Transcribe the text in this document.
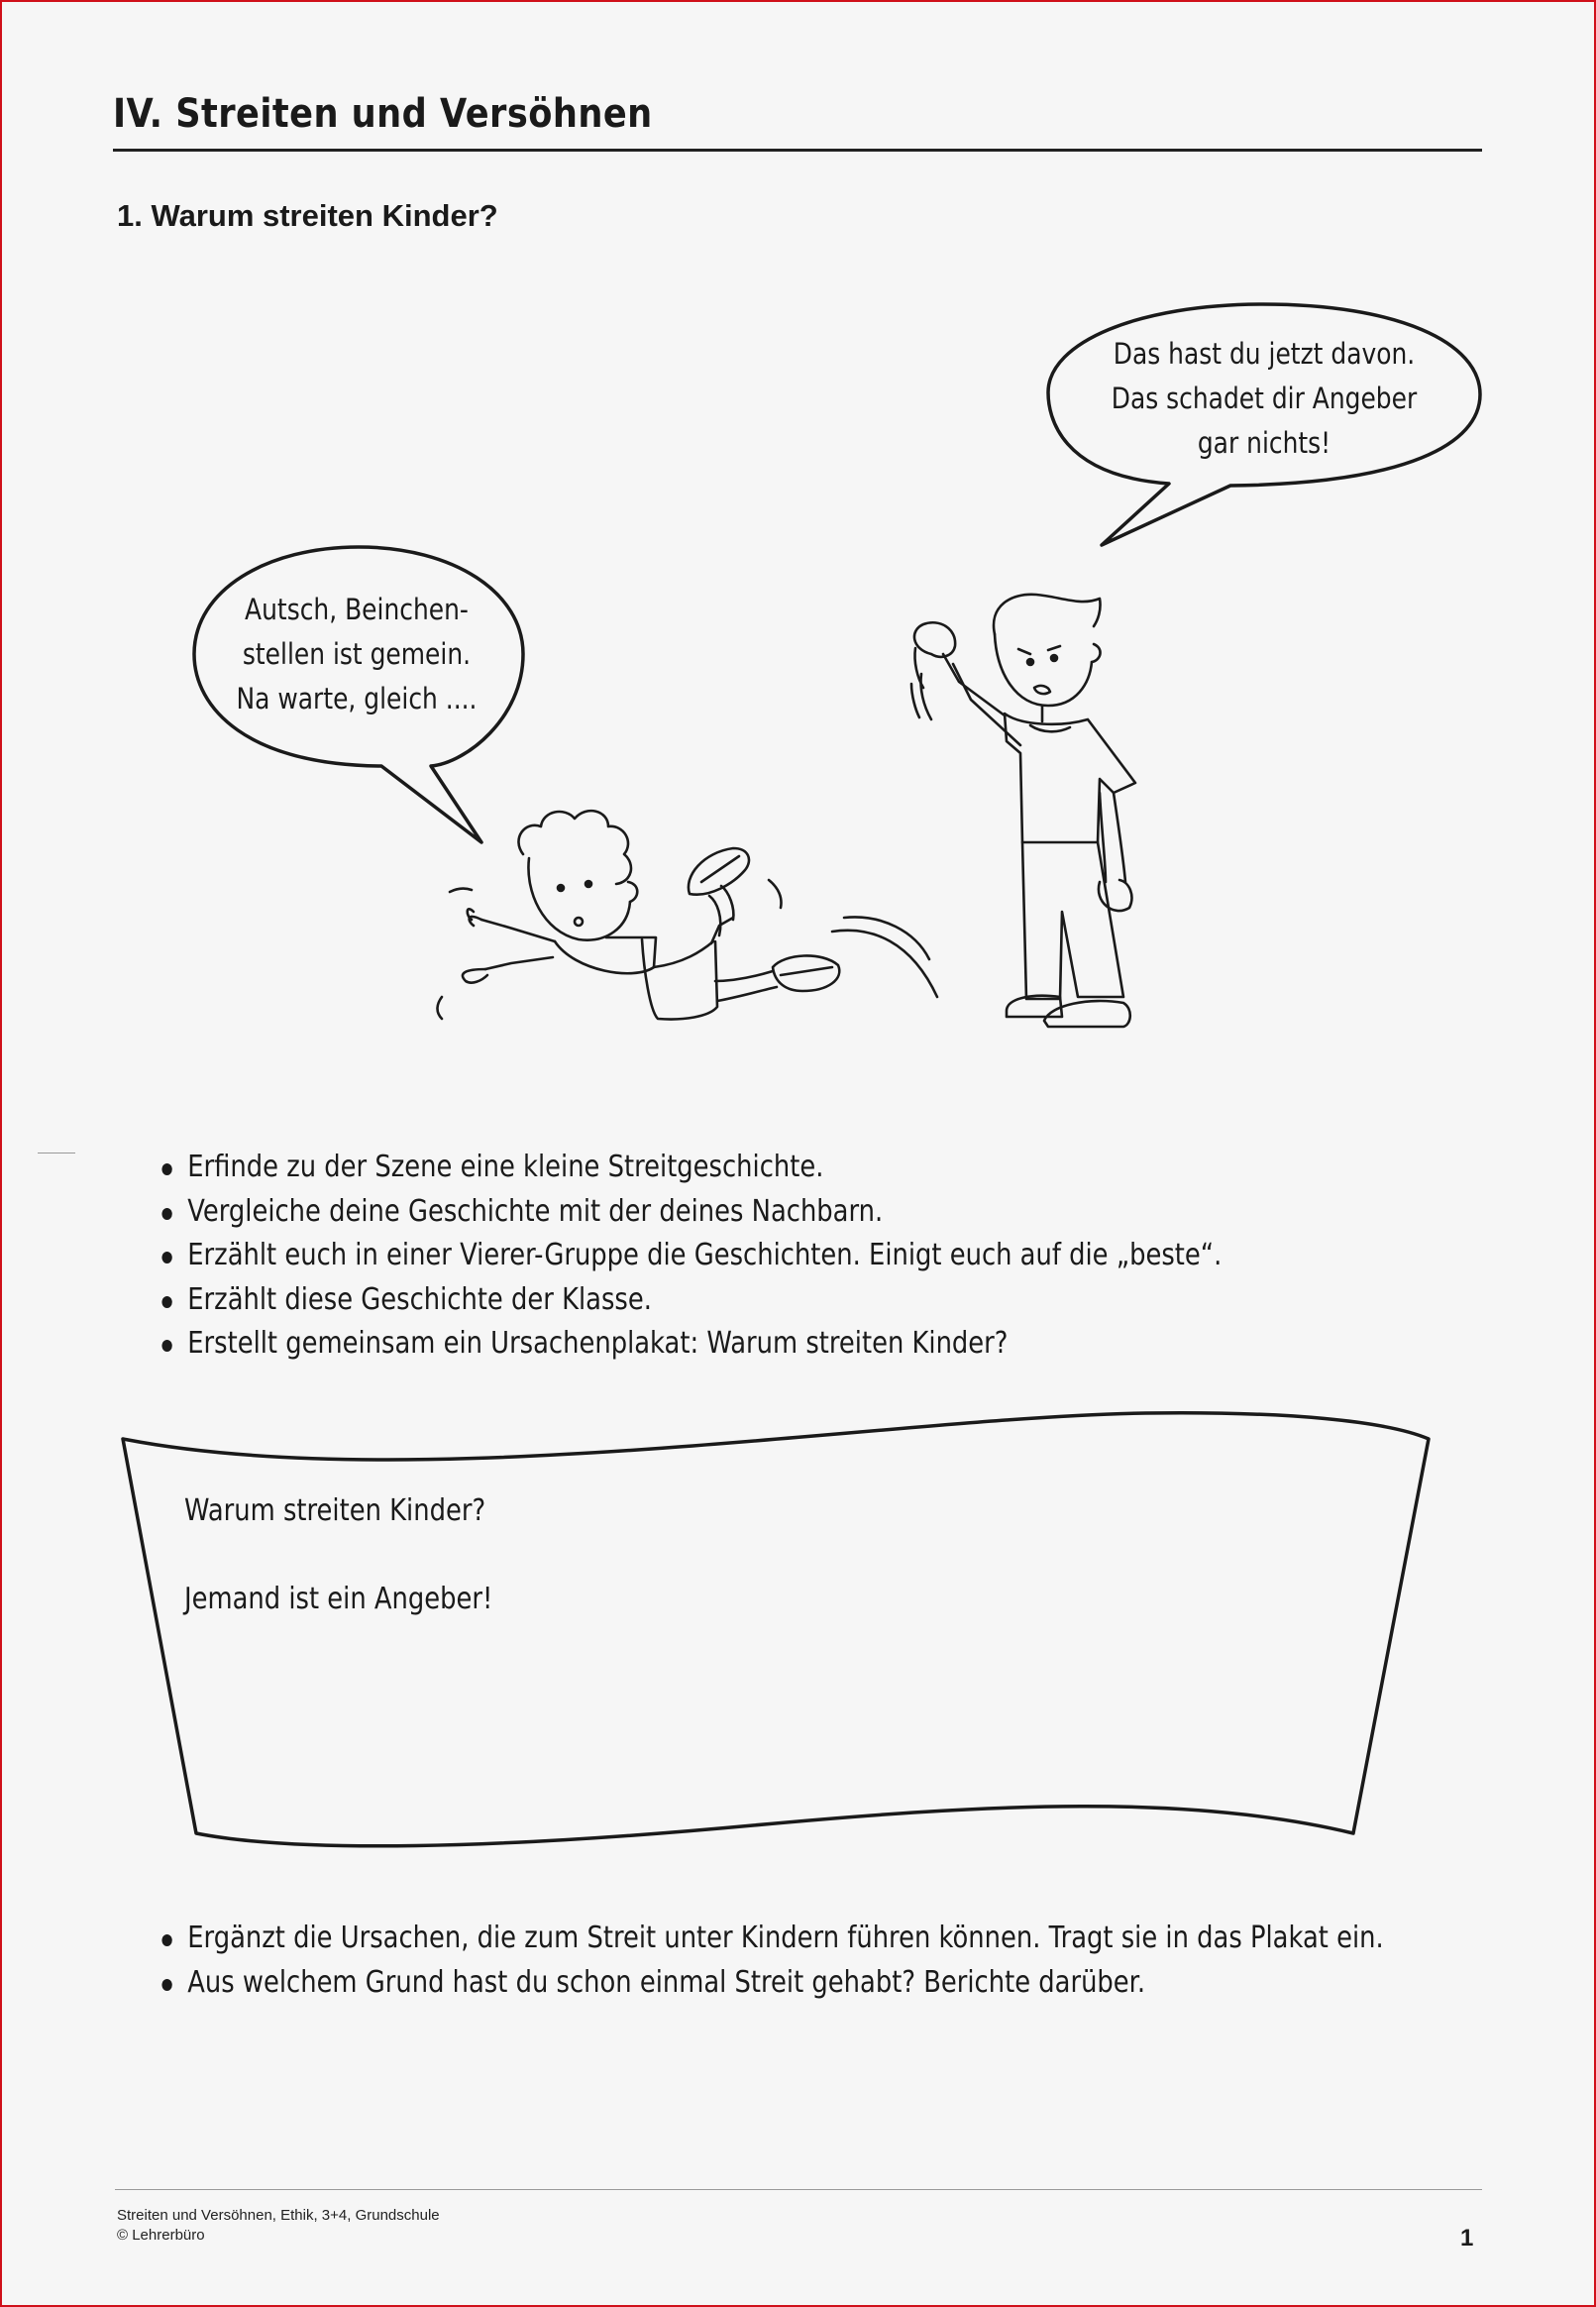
IV. Streiten und Versöhnen
1. Warum streiten Kinder?
Das hast du jetzt davon.
Das schadet dir Angeber
gar nichts!
Autsch, Beinchen-
stellen ist gemein.
Na warte, gleich ....
Erfinde zu der Szene eine kleine Streitgeschichte.
Vergleiche deine Geschichte mit der deines Nachbarn.
Erzählt euch in einer Vierer-Gruppe die Geschichten. Einigt euch auf die „beste“.
Erzählt diese Geschichte der Klasse.
Erstellt gemeinsam ein Ursachenplakat: Warum streiten Kinder?
Warum streiten Kinder?
Jemand ist ein Angeber!
Ergänzt die Ursachen, die zum Streit unter Kindern führen können. Tragt sie in das Plakat ein.
Aus welchem Grund hast du schon einmal Streit gehabt? Berichte darüber.
Streiten und Versöhnen, Ethik, 3+4, Grundschule
© Lehrerbüro	1
